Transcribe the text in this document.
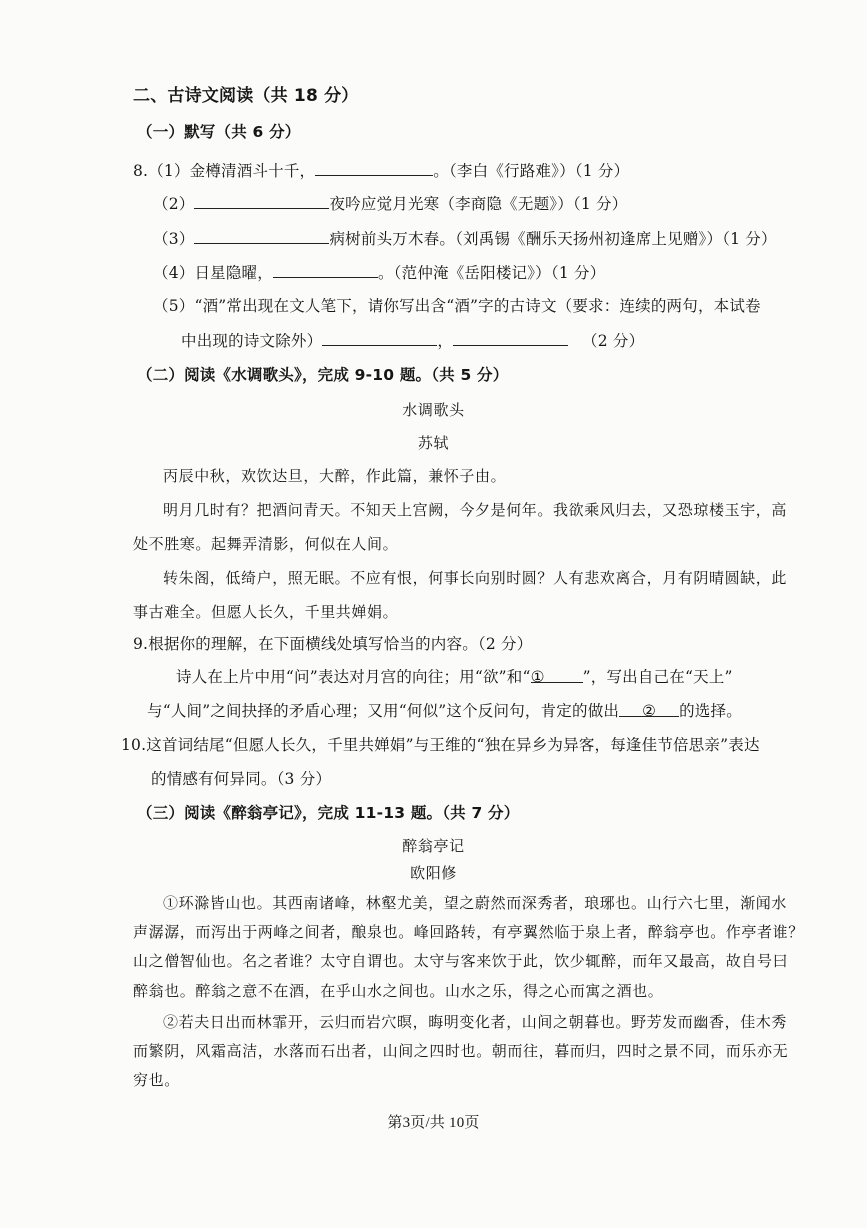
二、古诗文阅读（共 18 分）
（一）默写（共 6 分）
8.（1）金樽清酒斗十千，	。（李白《行路难》）（1 分）
（2）	夜吟应觉月光寒（李商隐《无题》）（1 分）
（3）	病树前头万木春。（刘禹锡《酬乐天扬州初逢席上见赠》）（1 分）
（4）日星隐曜，	。（范仲淹《岳阳楼记》）（1 分）
（5）“酒”常出现在文人笔下，请你写出含“酒”字的古诗文（要求：连续的两句，本试卷
中出现的诗文除外）	，	（2 分）
（二）阅读《水调歌头》，完成 9-10 题。（共 5 分）
水调歌头
苏轼
丙辰中秋，欢饮达旦，大醉，作此篇，兼怀子由。
明月几时有？把酒问青天。不知天上宫阙，今夕是何年。我欲乘风归去，又恐琼楼玉宇，高
处不胜寒。起舞弄清影，何似在人间。
转朱阁，低绮户，照无眠。不应有恨，何事长向别时圆？人有悲欢离合，月有阴晴圆缺，此
事古难全。但愿人长久，千里共婵娟。
9.根据你的理解，在下面横线处填写恰当的内容。（2 分）
诗人在上片中用“问”表达对月宫的向往；用“欲”和“① ”，写出自己在“天上”
与“人间”之间抉择的矛盾心理；又用“何似”这个反问句，肯定的做出 ② 的选择。
10.这首词结尾“但愿人长久，千里共婵娟”与王维的“独在异乡为异客，每逢佳节倍思亲”表达
的情感有何异同。（3 分）
（三）阅读《醉翁亭记》，完成 11-13 题。（共 7 分）
醉翁亭记
欧阳修
①环滁皆山也。其西南诸峰，林壑尤美，望之蔚然而深秀者，琅琊也。山行六七里，渐闻水
声潺潺，而泻出于两峰之间者，酿泉也。峰回路转，有亭翼然临于泉上者，醉翁亭也。作亭者谁？
山之僧智仙也。名之者谁？太守自谓也。太守与客来饮于此，饮少辄醉，而年又最高，故自号曰
醉翁也。醉翁之意不在酒，在乎山水之间也。山水之乐，得之心而寓之酒也。
②若夫日出而林霏开，云归而岩穴暝，晦明变化者，山间之朝暮也。野芳发而幽香，佳木秀
而繁阴，风霜高洁，水落而石出者，山间之四时也。朝而往，暮而归，四时之景不同，而乐亦无
穷也。
第3页/共 10页
